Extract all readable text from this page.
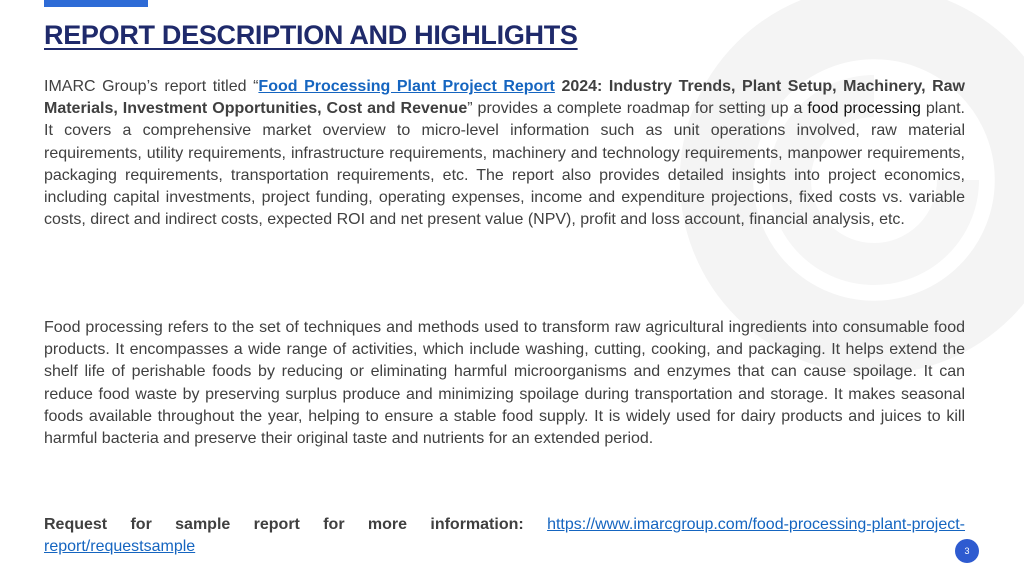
REPORT DESCRIPTION AND HIGHLIGHTS
IMARC Group’s report titled “Food Processing Plant Project Report 2024: Industry Trends, Plant Setup, Machinery, Raw Materials, Investment Opportunities, Cost and Revenue” provides a complete roadmap for setting up a food processing plant. It covers a comprehensive market overview to micro-level information such as unit operations involved, raw material requirements, utility requirements, infrastructure requirements, machinery and technology requirements, manpower requirements, packaging requirements, transportation requirements, etc. The report also provides detailed insights into project economics, including capital investments, project funding, operating expenses, income and expenditure projections, fixed costs vs. variable costs, direct and indirect costs, expected ROI and net present value (NPV), profit and loss account, financial analysis, etc.
Food processing refers to the set of techniques and methods used to transform raw agricultural ingredients into consumable food products. It encompasses a wide range of activities, which include washing, cutting, cooking, and packaging. It helps extend the shelf life of perishable foods by reducing or eliminating harmful microorganisms and enzymes that can cause spoilage. It can reduce food waste by preserving surplus produce and minimizing spoilage during transportation and storage. It makes seasonal foods available throughout the year, helping to ensure a stable food supply. It is widely used for dairy products and juices to kill harmful bacteria and preserve their original taste and nutrients for an extended period.
Request for sample report for more information: https://www.imarcgroup.com/food-processing-plant-project-report/requestsample	3
